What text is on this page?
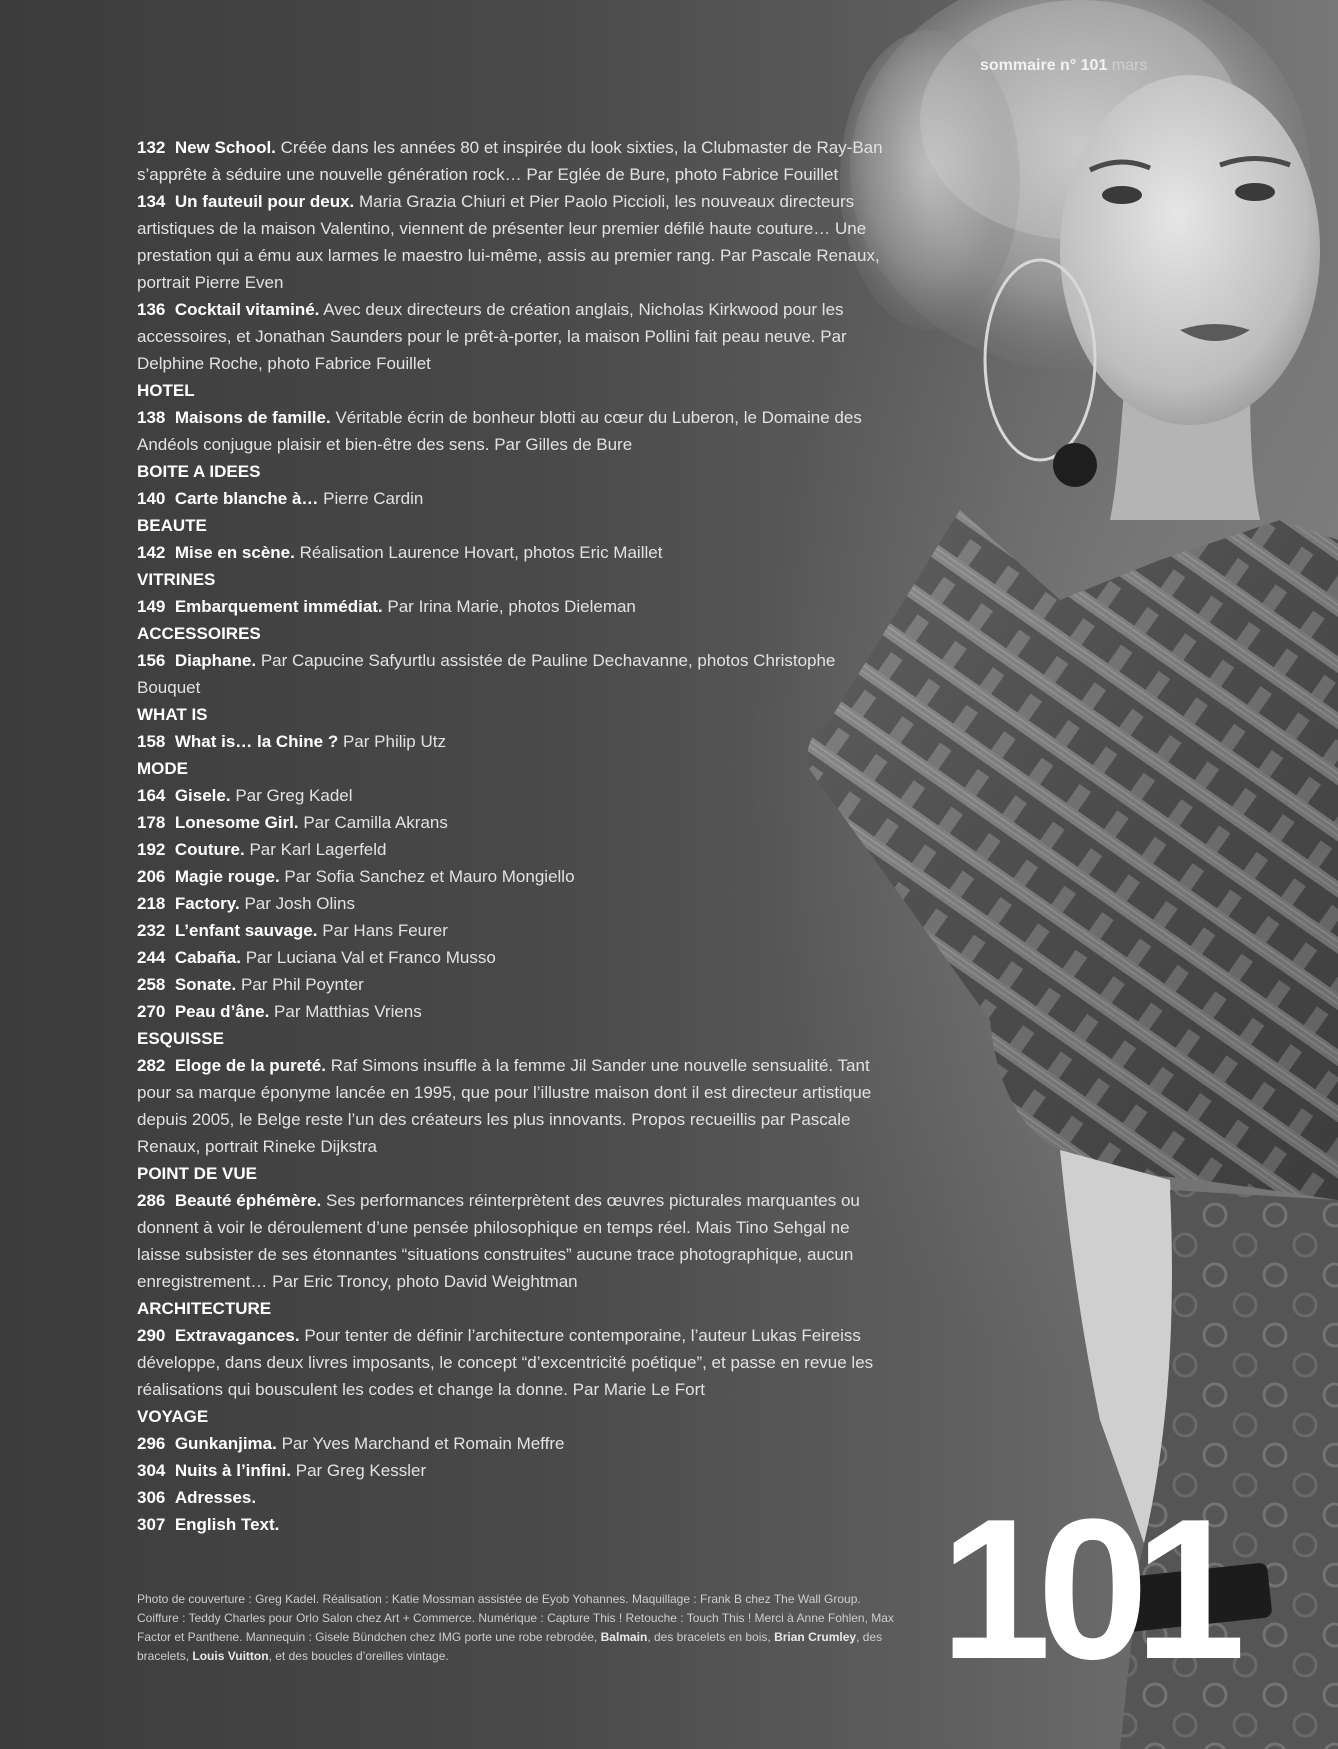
sommaire n° 101 mars
132 New School. Créée dans les années 80 et inspirée du look sixties, la Clubmaster de Ray-Ban s’apprête à séduire une nouvelle génération rock… Par Eglée de Bure, photo Fabrice Fouillet
134 Un fauteuil pour deux. Maria Grazia Chiuri et Pier Paolo Piccioli, les nouveaux directeurs artistiques de la maison Valentino, viennent de présenter leur premier défilé haute couture… Une prestation qui a ému aux larmes le maestro lui-même, assis au premier rang. Par Pascale Renaux, portrait Pierre Even
136 Cocktail vitaminé. Avec deux directeurs de création anglais, Nicholas Kirkwood pour les accessoires, et Jonathan Saunders pour le prêt-à-porter, la maison Pollini fait peau neuve. Par Delphine Roche, photo Fabrice Fouillet
HOTEL
138 Maisons de famille. Véritable écrin de bonheur blotti au cœur du Luberon, le Domaine des Andéols conjugue plaisir et bien-être des sens. Par Gilles de Bure
BOITE A IDEES
140 Carte blanche à… Pierre Cardin
BEAUTE
142 Mise en scène. Réalisation Laurence Hovart, photos Eric Maillet
VITRINES
149 Embarquement immédiat. Par Irina Marie, photos Dieleman
ACCESSOIRES
156 Diaphane. Par Capucine Safyurtlu assistée de Pauline Dechavanne, photos Christophe Bouquet
WHAT IS
158 What is… la Chine ? Par Philip Utz
MODE
164 Gisele. Par Greg Kadel
178 Lonesome Girl. Par Camilla Akrans
192 Couture. Par Karl Lagerfeld
206 Magie rouge. Par Sofia Sanchez et Mauro Mongiello
218 Factory. Par Josh Olins
232 L’enfant sauvage. Par Hans Feurer
244 Cabaña. Par Luciana Val et Franco Musso
258 Sonate. Par Phil Poynter
270 Peau d’âne. Par Matthias Vriens
ESQUISSE
282 Eloge de la pureté. Raf Simons insuffle à la femme Jil Sander une nouvelle sensualité. Tant pour sa marque éponyme lancée en 1995, que pour l’illustre maison dont il est directeur artistique depuis 2005, le Belge reste l’un des créateurs les plus innovants. Propos recueillis par Pascale Renaux, portrait Rineke Dijkstra
POINT DE VUE
286 Beauté éphémère. Ses performances réinterprètent des œuvres picturales marquantes ou donnent à voir le déroulement d’une pensée philosophique en temps réel. Mais Tino Sehgal ne laisse subsister de ses étonnantes “situations construites” aucune trace photographique, aucun enregistrement… Par Eric Troncy, photo David Weightman
ARCHITECTURE
290 Extravagances. Pour tenter de définir l’architecture contemporaine, l’auteur Lukas Feireiss développe, dans deux livres imposants, le concept “d’excentricité poétique”, et passe en revue les réalisations qui bousculent les codes et change la donne. Par Marie Le Fort
VOYAGE
296 Gunkanjima. Par Yves Marchand et Romain Meffre
304 Nuits à l’infini. Par Greg Kessler
306 Adresses.
307 English Text.
Photo de couverture : Greg Kadel. Réalisation : Katie Mossman assistée de Eyob Yohannes. Maquillage : Frank B chez The Wall Group. Coiffure : Teddy Charles pour Orlo Salon chez Art + Commerce. Numérique : Capture This ! Retouche : Touch This ! Merci à Anne Fohlen, Max Factor et Panthene. Mannequin : Gisele Bündchen chez IMG porte une robe rebrodée, Balmain, des bracelets en bois, Brian Crumley, des bracelets, Louis Vuitton, et des boucles d’oreilles vintage.	101
